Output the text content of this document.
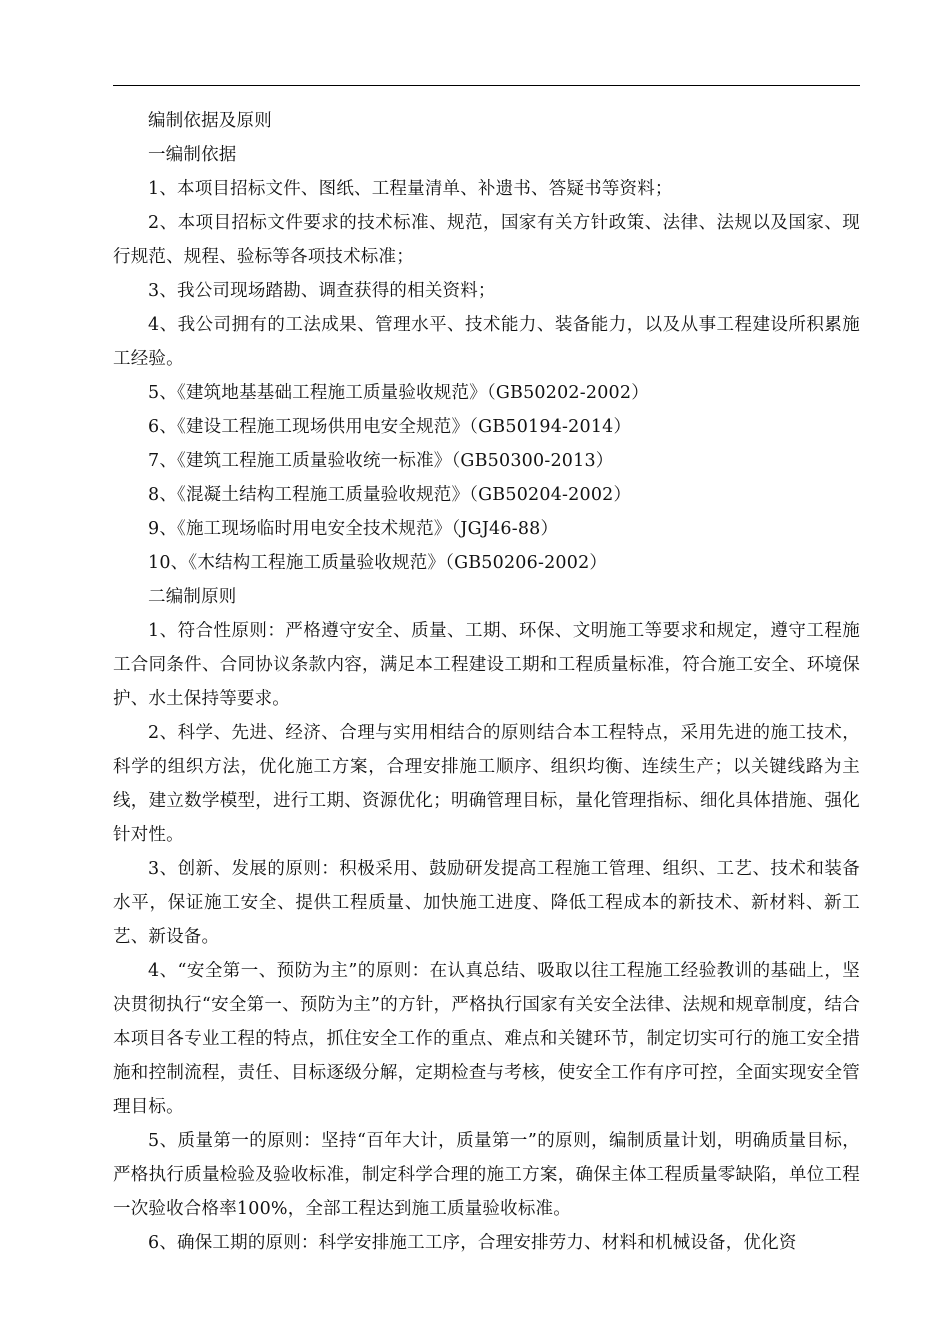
编制依据及原则

一编制依据

1、本项目招标文件、图纸、工程量清单、补遗书、答疑书等资料；

2、本项目招标文件要求的技术标准、规范，国家有关方针政策、法律、法规以及国家、现行规范、规程、验标等各项技术标准；

3、我公司现场踏勘、调查获得的相关资料；

4、我公司拥有的工法成果、管理水平、技术能力、装备能力，以及从事工程建设所积累施工经验。

5、《建筑地基基础工程施工质量验收规范》（GB50202-2002）

6、《建设工程施工现场供用电安全规范》（GB50194-2014）

7、《建筑工程施工质量验收统一标准》（GB50300-2013）

8、《混凝土结构工程施工质量验收规范》（GB50204-2002）

9、《施工现场临时用电安全技术规范》（JGJ46-88）

10、《木结构工程施工质量验收规范》（GB50206-2002）

二编制原则

1、符合性原则：严格遵守安全、质量、工期、环保、文明施工等要求和规定，遵守工程施工合同条件、合同协议条款内容，满足本工程建设工期和工程质量标准，符合施工安全、环境保护、水土保持等要求。

2、科学、先进、经济、合理与实用相结合的原则结合本工程特点，采用先进的施工技术，科学的组织方法，优化施工方案，合理安排施工顺序、组织均衡、连续生产；以关键线路为主线，建立数学模型，进行工期、资源优化；明确管理目标，量化管理指标、细化具体措施、强化针对性。

3、创新、发展的原则：积极采用、鼓励研发提高工程施工管理、组织、工艺、技术和装备水平，保证施工安全、提供工程质量、加快施工进度、降低工程成本的新技术、新材料、新工艺、新设备。

4、“安全第一、预防为主”的原则：在认真总结、吸取以往工程施工经验教训的基础上，坚决贯彻执行“安全第一、预防为主”的方针，严格执行国家有关安全法律、法规和规章制度，结合本项目各专业工程的特点，抓住安全工作的重点、难点和关键环节，制定切实可行的施工安全措施和控制流程，责任、目标逐级分解，定期检查与考核，使安全工作有序可控，全面实现安全管理目标。

5、质量第一的原则：坚持“百年大计，质量第一”的原则，编制质量计划，明确质量目标，严格执行质量检验及验收标准，制定科学合理的施工方案，确保主体工程质量零缺陷，单位工程一次验收合格率100%，全部工程达到施工质量验收标准。

6、确保工期的原则：科学安排施工工序，合理安排劳力、材料和机械设备，优化资
